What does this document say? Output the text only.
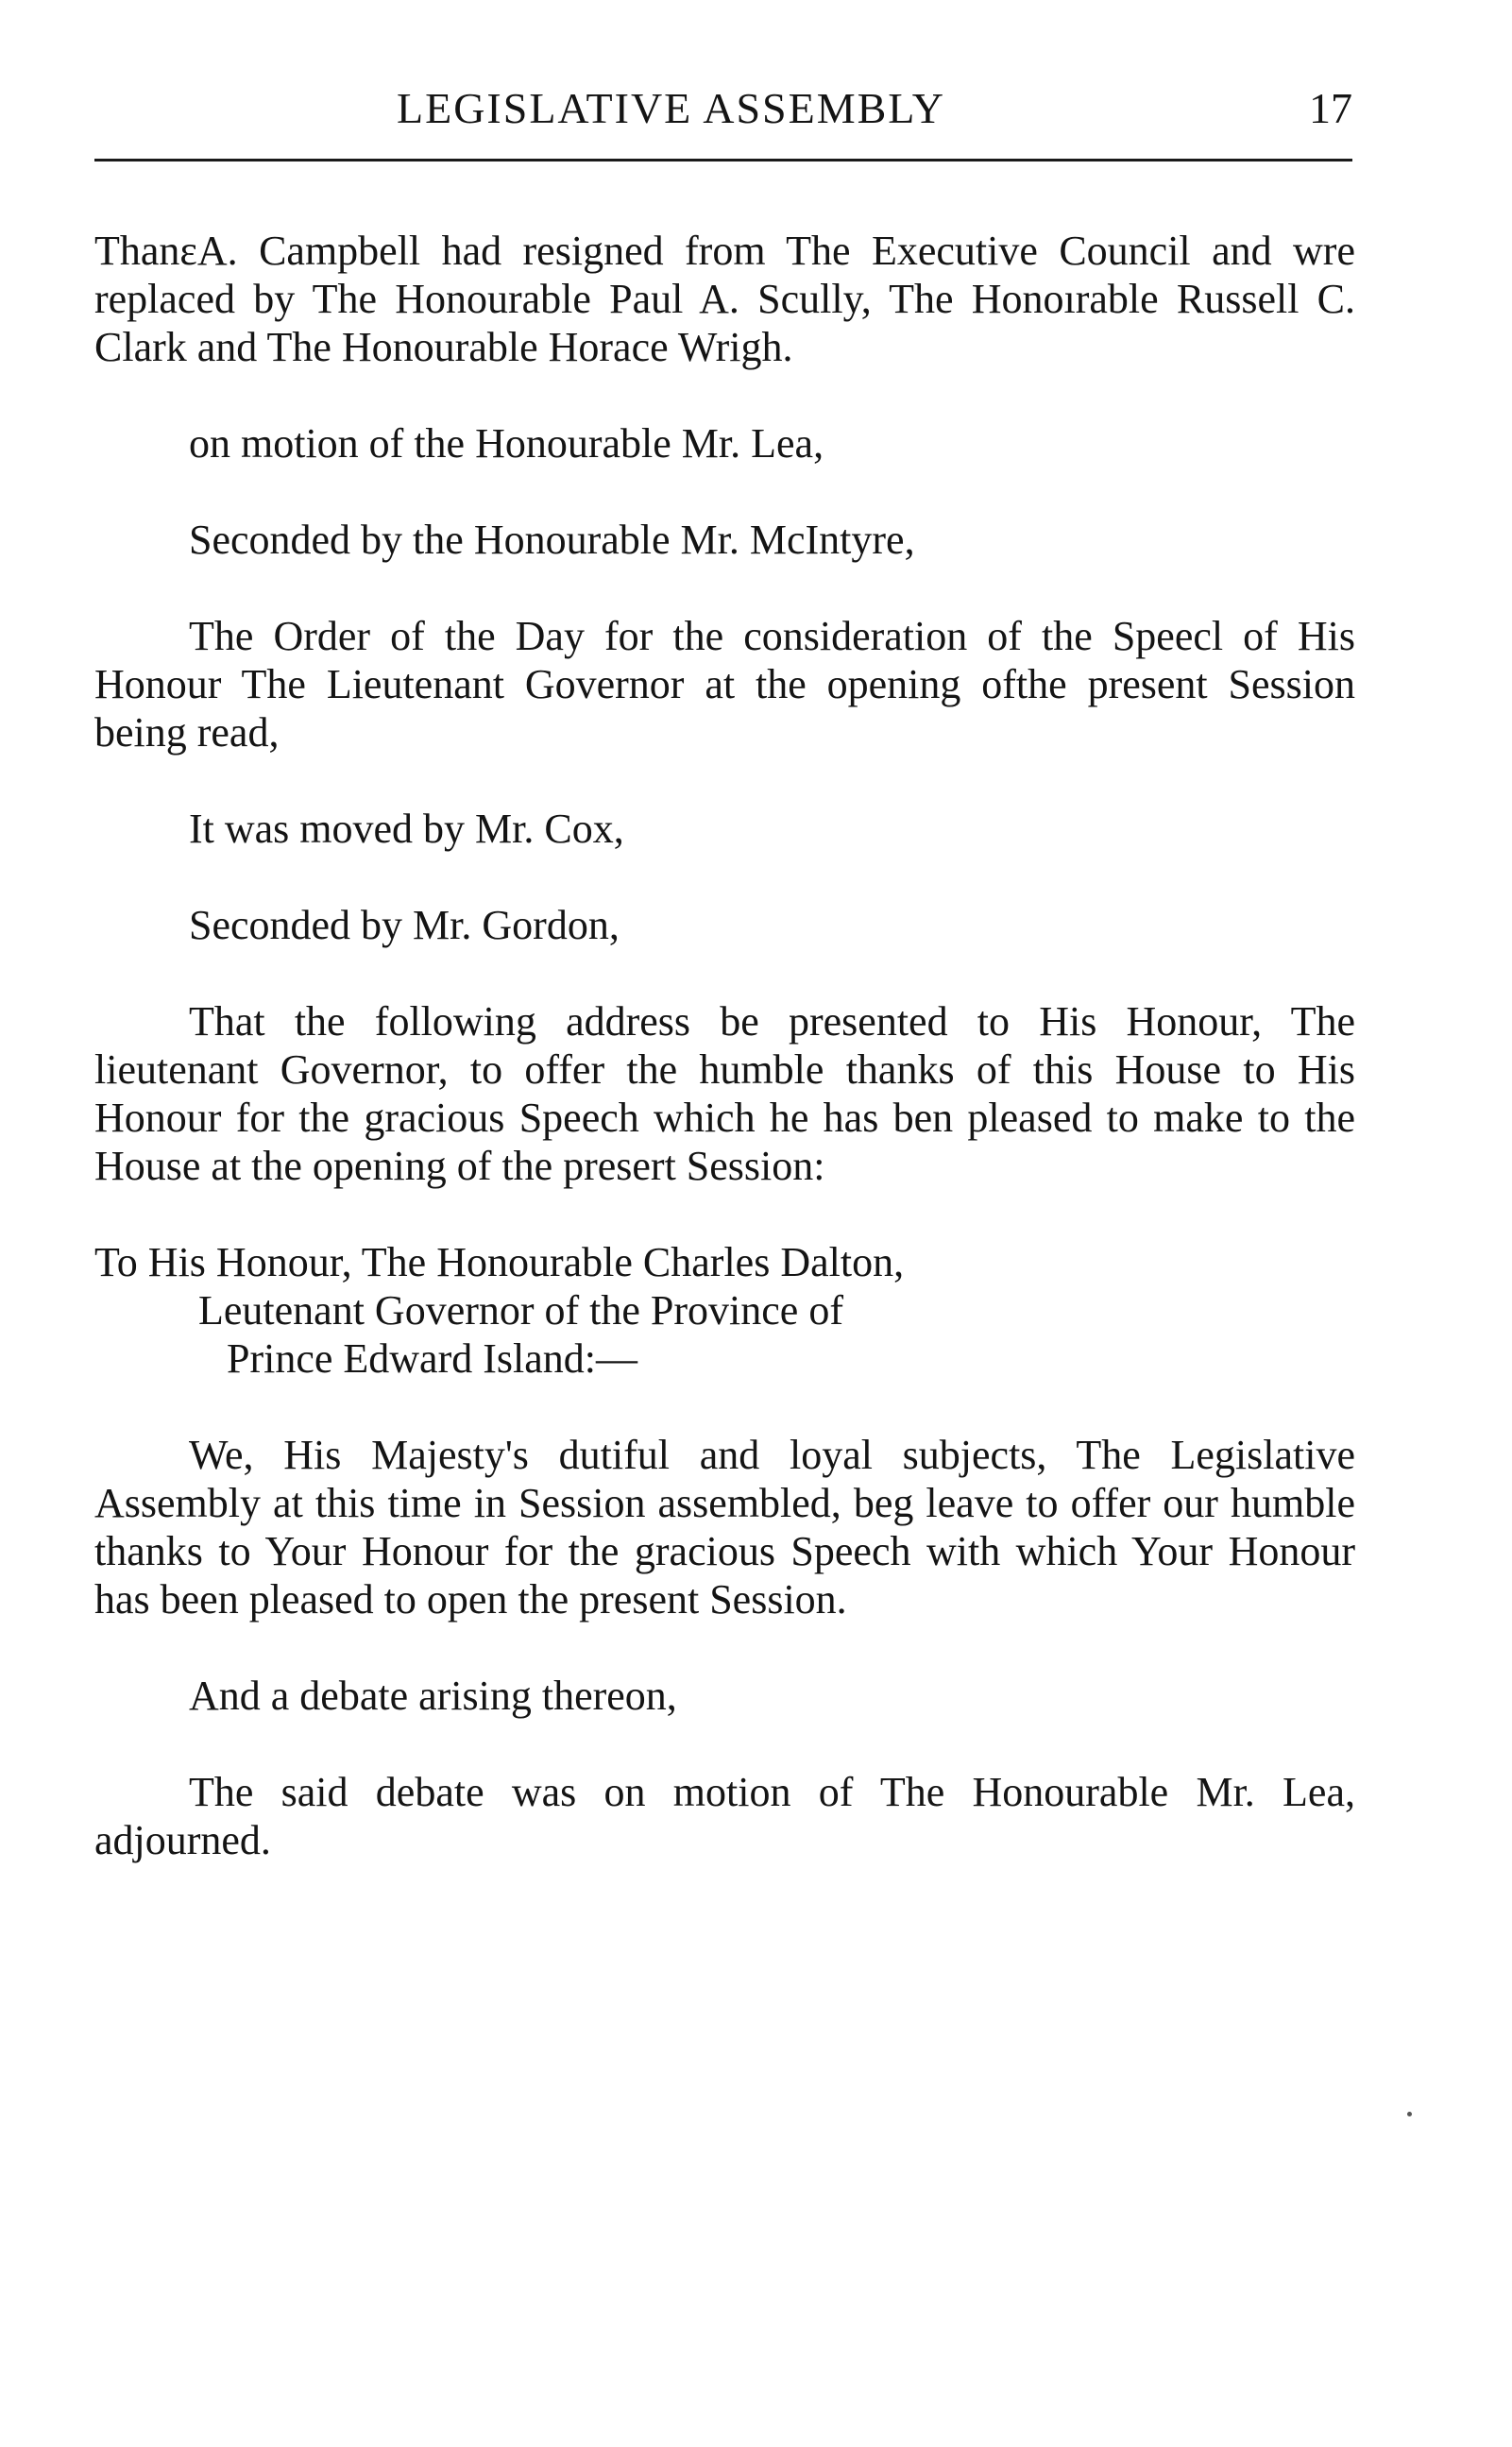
LEGISLATIVE ASSEMBLY	17

ThanεA. Campbell had resigned from The Executive Council and wre replaced by The Honourable Paul A. Scully, The Honoırable Russell C. Clark and The Honourable Horace Wrigh.

on motion of the Honourable Mr. Lea,

Seconded by the Honourable Mr. McIntyre,

The Order of the Day for the consideration of the Speecl of His Honour The Lieutenant Governor at the opening ofthe present Session being read,

It was moved by Mr. Cox,

Seconded by Mr. Gordon,

That the following address be presented to His Honour, The lieutenant Governor, to offer the humble thanks of this House to His Honour for the gracious Speech which he has ben pleased to make to the House at the opening of the presert Session:

To His Honour, The Honourable Charles Dalton,
Leutenant Governor of the Province of
Prince Edward Island:—

We, His Majesty's dutiful and loyal subjects, The Legislative Assembly at this time in Session assembled, beg leave to offer our humble thanks to Your Honour for the gracious Speech with which Your Honour has been pleased to open the present Session.

And a debate arising thereon,

The said debate was on motion of The Honourable Mr. Lea, adjourned.
